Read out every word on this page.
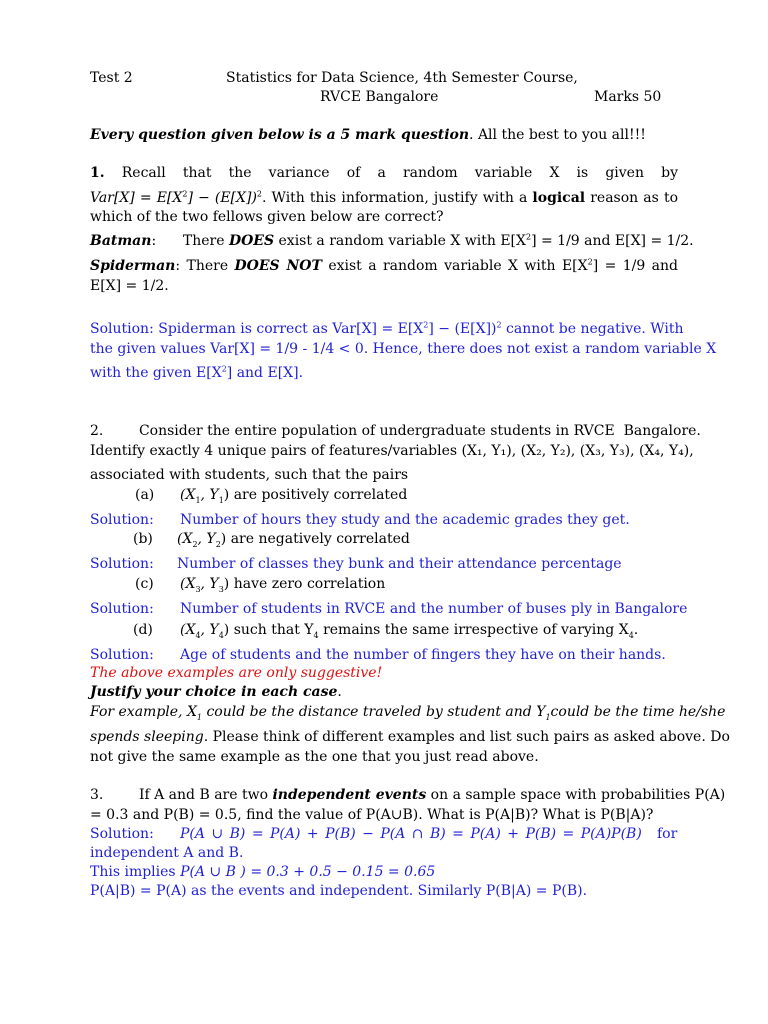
Test 2	Statistics for Data Science, 4th Semester Course,
RVCE Bangalore	Marks 50
Every question given below is a 5 mark question. All the best to you all!!!
1. Recall that the variance of a random variable X is given by
$Var[X] = E[X^2] - (E[X])^2$. With this information, justify with a logical reason as to
which of the two fellows given below are correct?
Batman:      There DOES exist a random variable X with $E[X^2] = 1/9$ and E[X] = 1/2.
Spiderman: There DOES NOT exist a random variable X with $E[X^2] = 1/9$ and
E[X] = 1/2.
Solution: Spiderman is correct as $Var[X] = E[X^2] - (E[X])^2$ cannot be negative. With
the given values Var[X] = 1/9 - 1/4 < 0. Hence, there does not exist a random variable X
with the given $E[X^2]$ and E[X].
2.        Consider the entire population of undergraduate students in RVCE  Bangalore.
Identify exactly 4 unique pairs of features/variables (X₁, Y₁), (X₂, Y₂), (X₃, Y₃), (X₄, Y₄),
associated with students, such that the pairs
(a) ($X_1$, $Y_1$) are positively correlated
Solution: Number of hours they study and the academic grades they get.
(b) ($X_2$, $Y_2$) are negatively correlated
Solution: Number of classes they bunk and their attendance percentage
(c) ($X_3$, $Y_3$) have zero correlation
Solution: Number of students in RVCE and the number of buses ply in Bangalore
(d) ($X_4$, $Y_4$) such that $Y_4$ remains the same irrespective of varying $X_4$.
Solution: Age of students and the number of fingers they have on their hands.
The above examples are only suggestive!
Justify your choice in each case.
For example, $X_1$ could be the distance traveled by student and $Y_1could$ be the time he/she
spends sleeping. Please think of different examples and list such pairs as asked above. Do
not give the same example as the one that you just read above.
3.        If A and B are two independent events on a sample space with probabilities P(A)
= 0.3 and P(B) = 0.5, find the value of P(A∪B). What is P(A|B)? What is P(B|A)?
Solution: P(A ∪ B) = P(A) + P(B) − P(A ∩ B) = P(A) + P(B) = P(A)P(B) for
independent A and B.
This implies P(A ∪ B ) = 0.3 + 0.5 − 0.15 = 0.65
P(A|B) = P(A) as the events and independent. Similarly P(B|A) = P(B).
